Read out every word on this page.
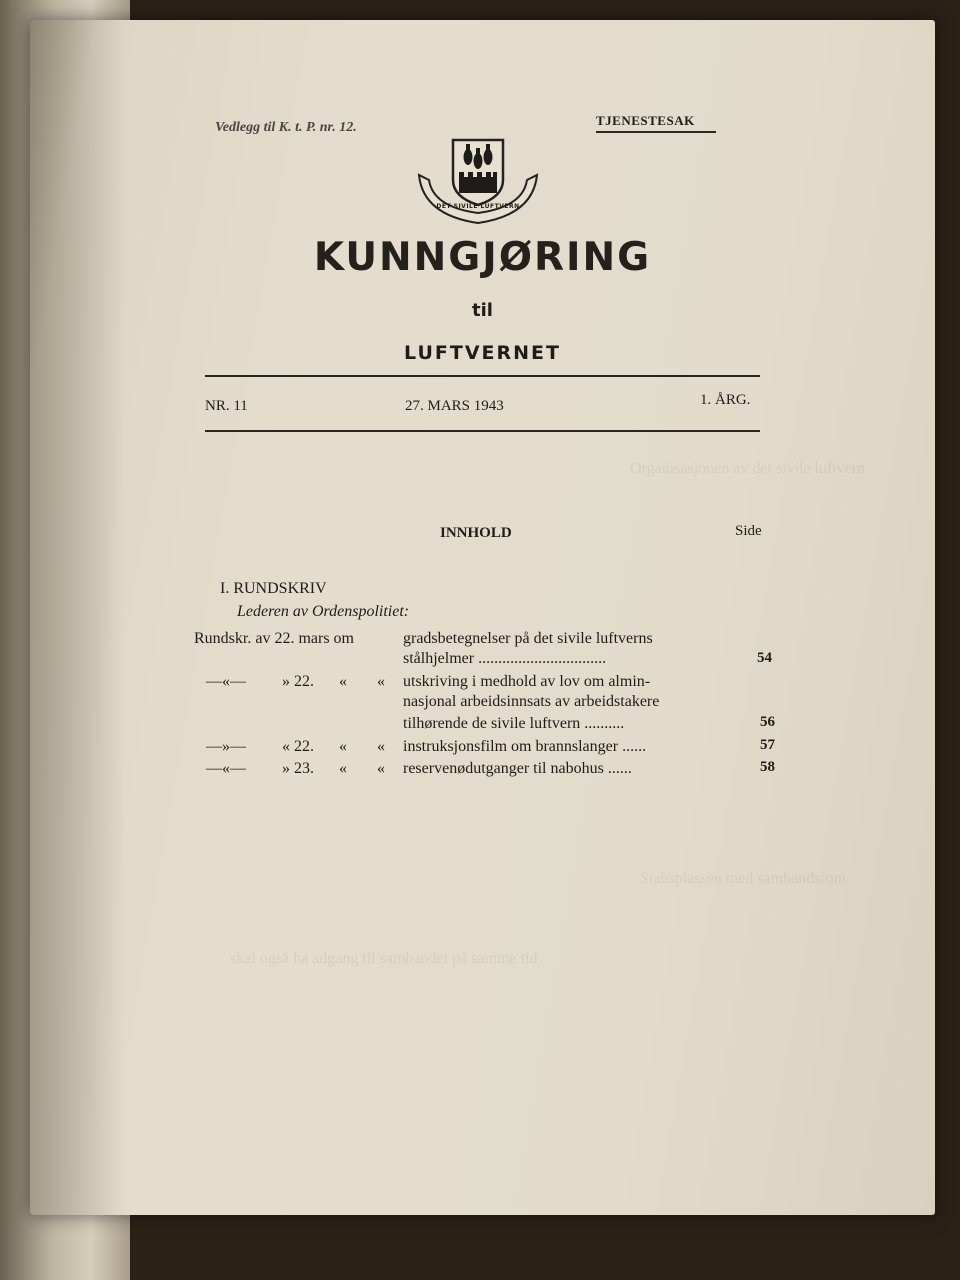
Vedlegg til K. t. P. nr. 12.	TJENESTESAK
DET SIVILE LUFTVERN
KUNNGJØRING
til
LUFTVERNET
NR. 11	27. MARS 1943	1. ÅRG.
Organisasjonen av det sivile luftvern
Stabsplassen med sambandsrom
skal også ha adgang til sambandet på samme tid
INNHOLD	Side
I. RUNDSKRIV
Lederen av Ordenspolitiet:
Rundskr. av 22. mars om	gradsbetegnelser på det sivile luftverns
stålhjelmer ................................	54
—«— » 22. « « utskriving i medhold av lov om almin-
nasjonal arbeidsinnsats av arbeidstakere
tilhørende de sivile luftvern ..........	56
—»— « 22. « « instruksjonsfilm om brannslanger ......	57
—«— » 23. « « reservenødutganger til nabohus ......	58
